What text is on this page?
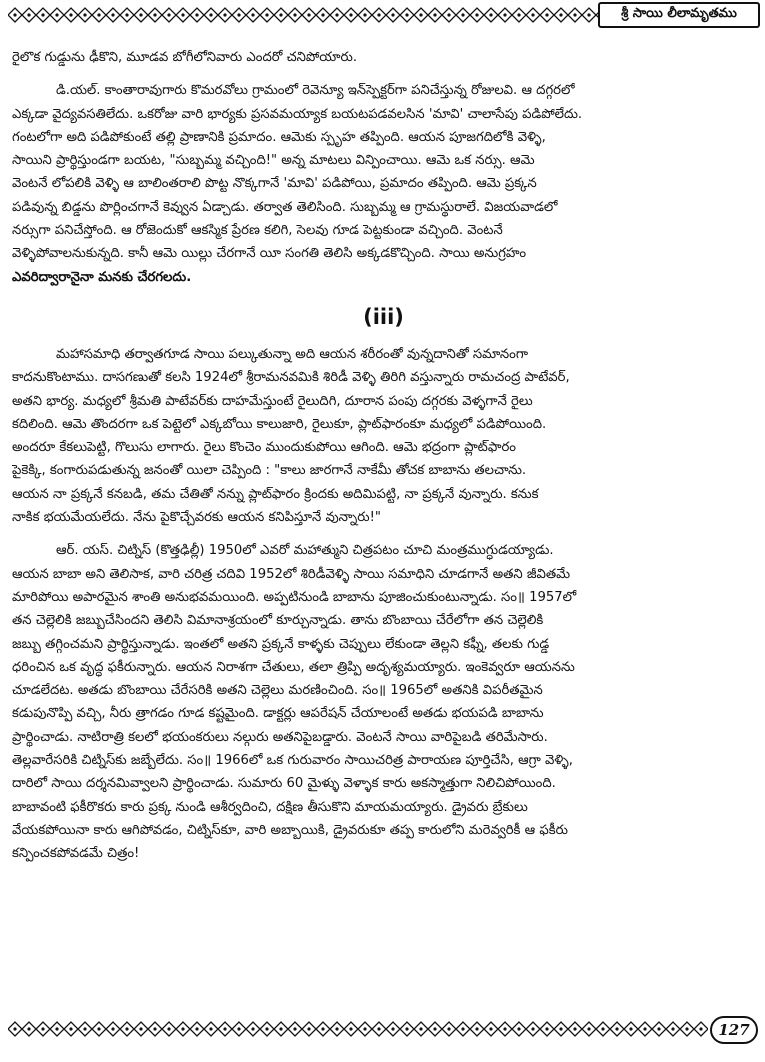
శ్రీ సాయి లీలామృతము

రైలొక గుడ్డును ఢీకొని, మూడవ బోగీలోనివారు ఎందరో చనిపోయారు.

డి.యల్. కాంతారావుగారు కొమరవోలు గ్రామంలో రెవెన్యూ ఇన్‌స్పెక్టర్‌గా పనిచేస్తున్న రోజులవి. ఆ దగ్గరలో

ఎక్కడా వైద్యవసతిలేదు. ఒకరోజు వారి భార్యకు ప్రసవమయ్యాక బయటపడవలసిన 'మావి' చాలాసేపు పడిపోలేదు.

గంటలోగా అది పడిపోకుంటే తల్లి ప్రాణానికి ప్రమాదం. ఆమెకు స్పృహ తప్పింది. ఆయన పూజగదిలోకి వెళ్ళి,

సాయిని ప్రార్థిస్తుండగా బయట, "సుబ్బమ్మ వచ్చింది!" అన్న మాటలు విన్పించాయి. ఆమె ఒక నర్సు. ఆమె

వెంటనే లోపలికి వెళ్ళి ఆ బాలింతరాలి పొట్ట నొక్కగానే 'మావి' పడిపోయి, ప్రమాదం తప్పింది. ఆమె ప్రక్కన

పడివున్న బిడ్డను పొర్లించగానే కెవ్వున ఏడ్చాడు. తర్వాత తెలిసింది. సుబ్బమ్మ ఆ గ్రామస్థురాలే. విజయవాడలో

నర్సుగా పనిచేస్తోంది. ఆ రోజెందుకో ఆకస్మిక ప్రేరణ కలిగి, సెలవు గూడ పెట్టకుండా వచ్చింది. వెంటనే

వెళ్ళిపోవాలనుకున్నది. కానీ ఆమె యిల్లు చేరగానే యీ సంగతి తెలిసి అక్కడకొచ్చింది. సాయి అనుగ్రహం

ఎవరిద్వారానైనా మనకు చేరగలదు.

(iii)

మహాసమాధి తర్వాతగూడ సాయి పల్కుతున్నా అది ఆయన శరీరంతో వున్నదానితో సమానంగా

కాదనుకొంటాము. దాసగణుతో కలసి 1924లో శ్రీరామనవమికి శిరిడీ వెళ్ళి తిరిగి వస్తున్నారు రామచంద్ర పాటేవర్,

అతని భార్య. మధ్యలో శ్రీమతి పాటేవర్‌కు దాహమేస్తుంటే రైలుదిగి, దూరాన పంపు దగ్గరకు వెళ్ళగానే రైలు

కదిలింది. ఆమె తొందరగా ఒక పెట్టెలో ఎక్కబోయి కాలుజారి, రైలుకూ, ప్లాట్‌ఫారంకూ మధ్యలో పడిపోయింది.

అందరూ కేకలుపెట్టి, గొలుసు లాగారు. రైలు కొంచెం ముందుకుపోయి ఆగింది. ఆమె భద్రంగా ప్లాట్‌ఫారం

పైకెక్కి, కంగారుపడుతున్న జనంతో యిలా చెప్పింది : "కాలు జారగానే నాకేమీ తోచక బాబాను తలచాను.

ఆయన నా ప్రక్కనే కనబడి, తమ చేతితో నన్ను ప్లాట్‌ఫారం క్రిందకు అదిమిపట్టి, నా ప్రక్కనే వున్నారు. కనుక

నాకిక భయమేయలేదు. నేను పైకొచ్చేవరకు ఆయన కనిపిస్తూనే వున్నారు!"

ఆర్. యస్. చిట్నిస్ (కొత్తఢిల్లీ) 1950లో ఎవరో మహాత్ముని చిత్రపటం చూచి మంత్రముగ్ధుడయ్యాడు.

ఆయన బాబా అని తెలిసాక, వారి చరిత్ర చదివి 1952లో శిరిడీవెళ్ళి సాయి సమాధిని చూడగానే అతని జీవితమే

మారిపోయి అపారమైన శాంతి అనుభవమయింది. అప్పటినుండి బాబాను పూజించుకుంటున్నాడు. సం॥ 1957లో

తన చెల్లెలికి జబ్బుచేసిందని తెలిసి విమానాశ్రయంలో కూర్చున్నాడు. తాను బొంబాయి చేరేలోగా తన చెల్లెలికి

జబ్బు తగ్గించమని ప్రార్థిస్తున్నాడు. ఇంతలో అతని ప్రక్కనే కాళ్ళకు చెప్పులు లేకుండా తెల్లని కఫ్నీ, తలకు గుడ్డ

ధరించిన ఒక వృద్ధ ఫకీరున్నారు. ఆయన నిరాశగా చేతులు, తలా త్రిప్పి అదృశ్యమయ్యారు. ఇంకెవ్వరూ ఆయనను

చూడలేదట. అతడు బొంబాయి చేరేసరికి అతని చెల్లెలు మరణించింది. సం॥ 1965లో అతనికి విపరీతమైన

కడుపునొప్పి వచ్చి, నీరు త్రాగడం గూడ కష్టమైంది. డాక్టర్లు ఆపరేషన్ చేయాలంటే అతడు భయపడి బాబాను

ప్రార్థించాడు. నాటిరాత్రి కలలో భయంకరులు నల్గురు అతనిపైబడ్డారు. వెంటనే సాయి వారిపైబడి తరిమేసారు.

తెల్లవారేసరికి చిట్నిస్‌కు జబ్బేలేదు. సం॥ 1966లో ఒక గురువారం సాయిచరిత్ర పారాయణ పూర్తిచేసి, ఆగ్రా వెళ్ళి,

దారిలో సాయి దర్శనమివ్వాలని ప్రార్థించాడు. సుమారు 60 మైళ్ళు వెళ్ళాక కారు అకస్మాత్తుగా నిలిచిపోయింది.

బాబావంటి ఫకీరొకరు కారు ప్రక్క నుండి ఆశీర్వదించి, దక్షిణ తీసుకొని మాయమయ్యారు. డ్రైవరు బ్రేకులు

వేయకపోయినా కారు ఆగిపోవడం, చిట్నిస్‌కూ, వారి అబ్బాయికి, డ్రైవరుకూ తప్ప కారులోని మరెవ్వరికీ ఆ ఫకీరు

కన్పించకపోవడమే చిత్రం!

127
